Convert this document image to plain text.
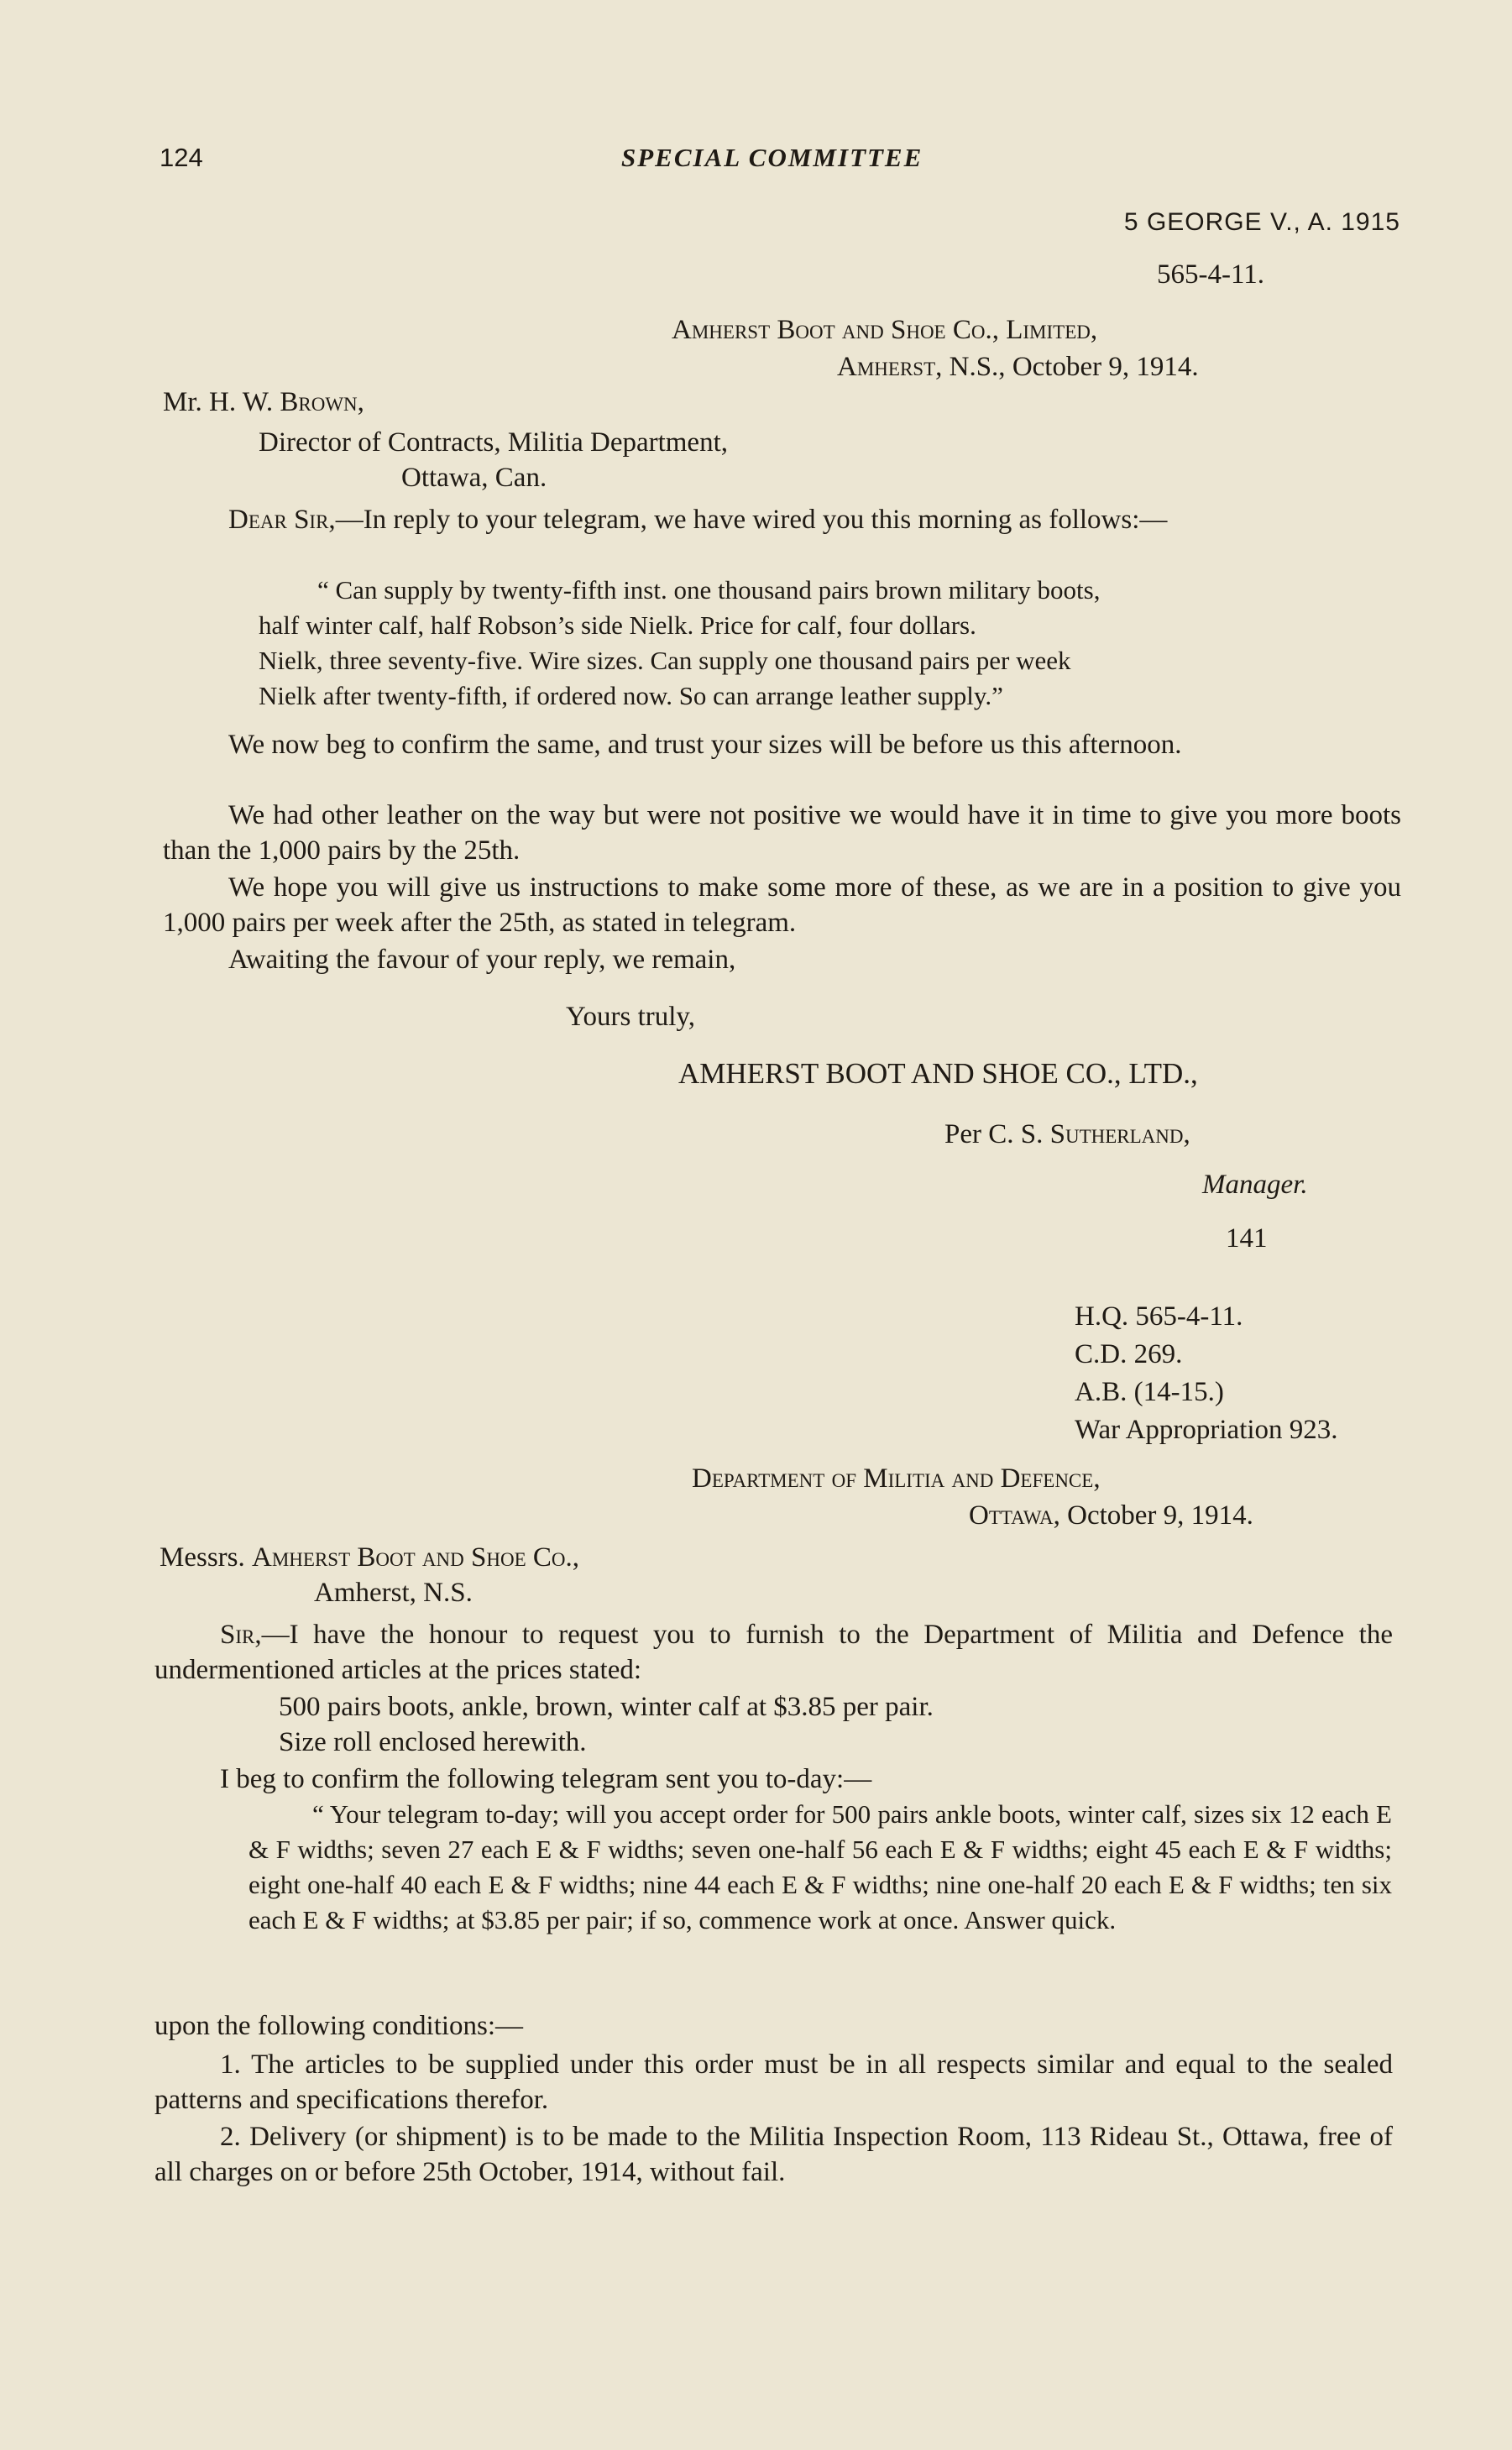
124	SPECIAL COMMITTEE
5 GEORGE V., A. 1915
565-4-11.
Amherst Boot and Shoe Co., Limited,
Amherst, N.S., October 9, 1914.
Mr. H. W. Brown,
Director of Contracts, Militia Department,
Ottawa, Can.
Dear Sir,—In reply to your telegram, we have wired you this morning as follows:—
“ Can supply by twenty-fifth inst. one thousand pairs brown military boots,
half winter calf, half Robson’s side Nielk. Price for calf, four dollars.
Nielk, three seventy-five. Wire sizes. Can supply one thousand pairs per week
Nielk after twenty-fifth, if ordered now. So can arrange leather supply.”
We now beg to confirm the same, and trust your sizes will be before us this afternoon.
We had other leather on the way but were not positive we would have it in time to give you more boots than the 1,000 pairs by the 25th.
We hope you will give us instructions to make some more of these, as we are in a position to give you 1,000 pairs per week after the 25th, as stated in telegram.
Awaiting the favour of your reply, we remain,
Yours truly,
AMHERST BOOT AND SHOE CO., LTD.,
Per C. S. Sutherland,
Manager.
141
H.Q. 565-4-11.
C.D. 269.
A.B. (14-15.)
War Appropriation 923.
Department of Militia and Defence,
Ottawa, October 9, 1914.
Messrs. Amherst Boot and Shoe Co.,
Amherst, N.S.
Sir,—I have the honour to request you to furnish to the Department of Militia and Defence the undermentioned articles at the prices stated:
500 pairs boots, ankle, brown, winter calf at $3.85 per pair.
Size roll enclosed herewith.
I beg to confirm the following telegram sent you to-day:—
“ Your telegram to-day; will you accept order for 500 pairs ankle boots, winter calf, sizes six 12 each E & F widths; seven 27 each E & F widths; seven one-half 56 each E & F widths; eight 45 each E & F widths; eight one-half 40 each E & F widths; nine 44 each E & F widths; nine one-half 20 each E & F widths; ten six each E & F widths; at $3.85 per pair; if so, commence work at once. Answer quick.
upon the following conditions:—
1. The articles to be supplied under this order must be in all respects similar and equal to the sealed patterns and specifications therefor.
2. Delivery (or shipment) is to be made to the Militia Inspection Room, 113 Rideau St., Ottawa, free of all charges on or before 25th October, 1914, without fail.
